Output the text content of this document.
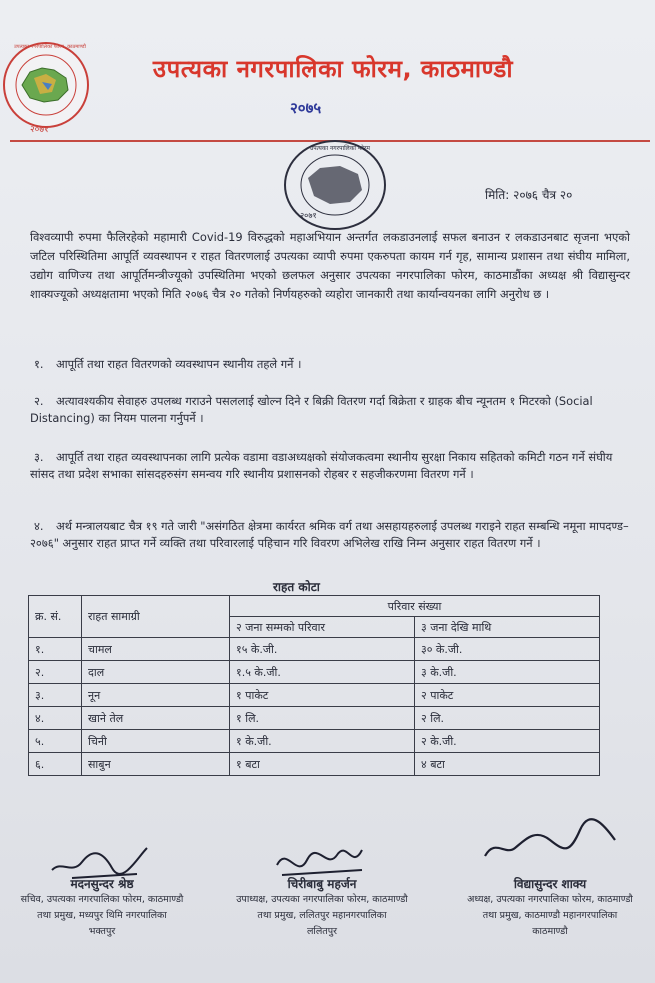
उपत्यका नगरपालिका फोरम, काठमाण्डौ
२०७१
उपत्यका नगरपालिका फोरम, काठमाण्डौ
२०७५
उपत्यका नगरपालिका फोरम
२०७१
मिति: २०७६ चैत्र २०
विश्वव्यापी रुपमा फैलिरहेको महामारी Covid-19 विरुद्धको महाअभियान अन्तर्गत लकडाउनलाई सफल बनाउन र लकडाउनबाट सृजना भएको जटिल परिस्थितिमा आपूर्ति व्यवस्थापन र राहत वितरणलाई उपत्यका व्यापी रुपमा एकरुपता कायम गर्न गृह, सामान्य प्रशासन तथा संघीय मामिला, उद्योग वाणिज्य तथा आपूर्तिमन्त्रीज्यूको उपस्थितिमा भएको छलफल अनुसार उपत्यका नगरपालिका फोरम, काठमाडौंका अध्यक्ष श्री विद्यासुन्दर शाक्यज्यूको अध्यक्षतामा भएको मिति २०७६ चैत्र २० गतेको निर्णयहरुको व्यहोरा जानकारी तथा कार्यान्वयनका लागि अनुरोध छ ।
१. आपूर्ति तथा राहत वितरणको व्यवस्थापन स्थानीय तहले गर्ने ।
२. अत्यावश्यकीय सेवाहरु उपलब्ध गराउने पसललाई खोल्न दिने र बिक्री वितरण गर्दा बिक्रेता र ग्राहक बीच न्यूनतम १ मिटरको (Social Distancing) का नियम पालना गर्नुपर्ने ।
३. आपूर्ति तथा राहत व्यवस्थापनका लागि प्रत्येक वडामा वडाअध्यक्षको संयोजकत्वमा स्थानीय सुरक्षा निकाय सहितको कमिटी गठन गर्ने संघीय सांसद तथा प्रदेश सभाका सांसदहरुसंग समन्वय गरि स्थानीय प्रशासनको रोहबर र सहजीकरणमा वितरण गर्ने ।
४. अर्थ मन्त्रालयबाट चैत्र १९ गते जारी "असंगठित क्षेत्रमा कार्यरत श्रमिक वर्ग तथा असहायहरुलाई उपलब्ध गराइने राहत सम्बन्धि नमूना मापदण्ड–२०७६" अनुसार राहत प्राप्त गर्ने व्यक्ति तथा परिवारलाई पहिचान गरि विवरण अभिलेख राखि निम्न अनुसार राहत वितरण गर्ने ।
राहत कोटा
क्र. सं.	राहत सामाग्री	परिवार संख्या	
		२ जना सम्मको परिवार	३ जना देखि माथि
१.	चामल	१५ के.जी.	३० के.जी.
२.	दाल	१.५ के.जी.	३ के.जी.
३.	नून	१ पाकेट	२ पाकेट
४.	खाने तेल	१ लि.	२ लि.
५.	चिनी	१ के.जी.	२ के.जी.
६.	साबुन	१ बटा	४ बटा
मदनसुन्दर श्रेष्ठ
सचिव, उपत्यका नगरपालिका फोरम, काठमाण्डौ
तथा प्रमुख, मध्यपुर थिमि नगरपालिका
भक्तपुर
चिरीबाबु महर्जन
उपाध्यक्ष, उपत्यका नगरपालिका फोरम, काठमाण्डौ
तथा प्रमुख, ललितपुर महानगरपालिका
ललितपुर
विद्यासुन्दर शाक्य
अध्यक्ष, उपत्यका नगरपालिका फोरम, काठमाण्डौ
तथा प्रमुख, काठमाण्डौ महानगरपालिका
काठमाण्डौ
